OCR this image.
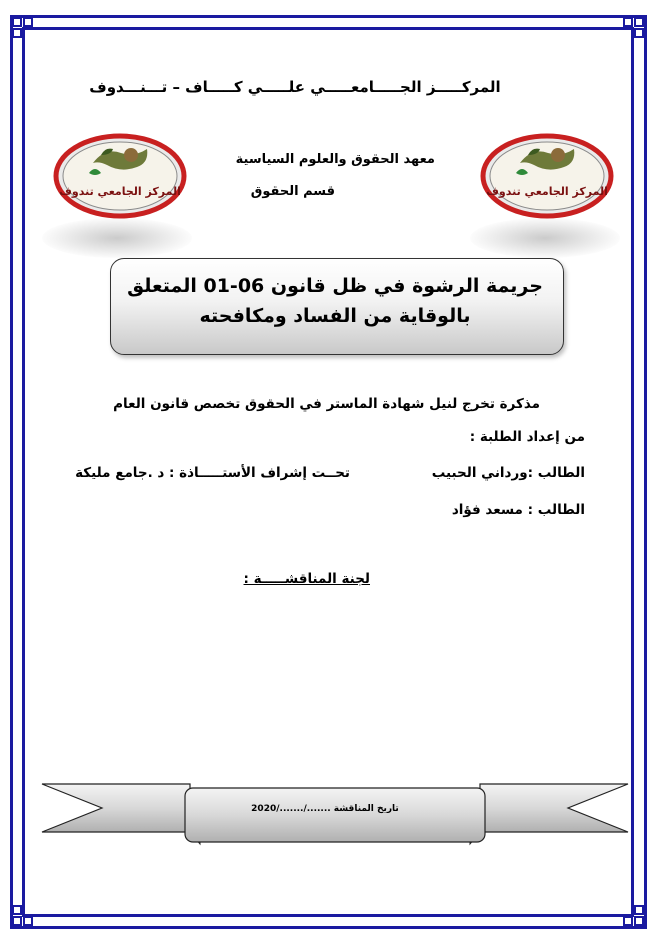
المركـــــز الجـــــامعـــــي علـــــي كـــــاف – تـــنـــدوف
المركز الجامعي تندوف	المركز الجامعي تندوف
معهد الحقوق والعلوم السياسية
قسم الحقوق
جريمة الرشوة في ظل قانون 06-01 المتعلق بالوقاية من الفساد ومكافحته
مذكرة تخرج لنيل شهادة الماستر في الحقوق تخصص قانون العام
من إعداد الطلبة :
الطالب :ورداني الحبيب
تحــت إشراف الأستـــــاذة : د .جامع مليكة
الطالب : مسعد فؤاد
لجنة المناقشـــــة :
تاريخ المناقشة ......./......./2020
